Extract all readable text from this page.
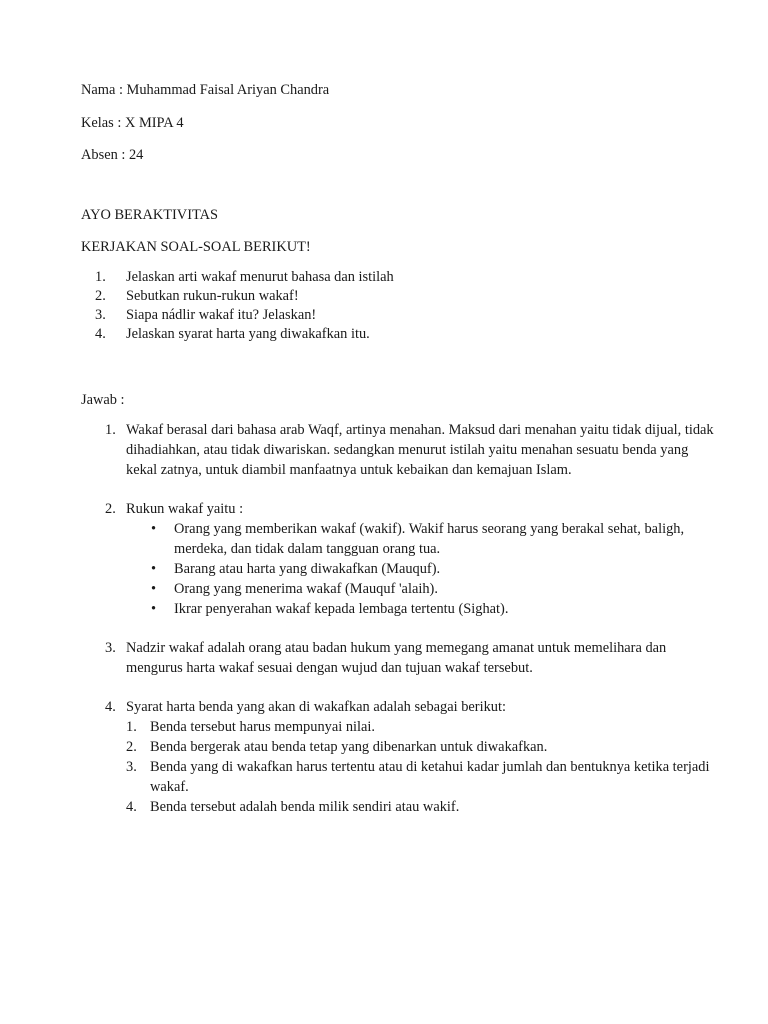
Nama : Muhammad Faisal Ariyan Chandra
Kelas : X MIPA 4
Absen : 24
AYO BERAKTIVITAS
KERJAKAN SOAL-SOAL BERIKUT!
1. Jelaskan arti wakaf menurut bahasa dan istilah
2. Sebutkan rukun-rukun wakaf!
3. Siapa nádlir wakaf itu? Jelaskan!
4. Jelaskan syarat harta yang diwakafkan itu.
Jawab :
1. Wakaf berasal dari bahasa arab Waqf, artinya menahan. Maksud dari menahan yaitu tidak dijual, tidak dihadiahkan, atau tidak diwariskan. sedangkan menurut istilah yaitu menahan sesuatu benda yang kekal zatnya, untuk diambil manfaatnya untuk kebaikan dan kemajuan Islam.

2. Rukun wakaf yaitu :

• Orang yang memberikan wakaf (wakif). Wakif harus seorang yang berakal sehat, baligh, merdeka, dan tidak dalam tangguan orang tua.
• Barang atau harta yang diwakafkan (Mauquf).
• Orang yang menerima wakaf (Mauquf 'alaih).
• Ikrar penyerahan wakaf kepada lembaga tertentu (Sighat).
3. Nadzir wakaf adalah orang atau badan hukum yang memegang amanat untuk memelihara dan mengurus harta wakaf sesuai dengan wujud dan tujuan wakaf tersebut.

4. Syarat harta benda yang akan di wakafkan adalah sebagai berikut:

1. Benda tersebut harus mempunyai nilai.
2. Benda bergerak atau benda tetap yang dibenarkan untuk diwakafkan.
3. Benda yang di wakafkan harus tertentu atau di ketahui kadar jumlah dan bentuknya ketika terjadi wakaf.
4. Benda tersebut adalah benda milik sendiri atau wakif.
